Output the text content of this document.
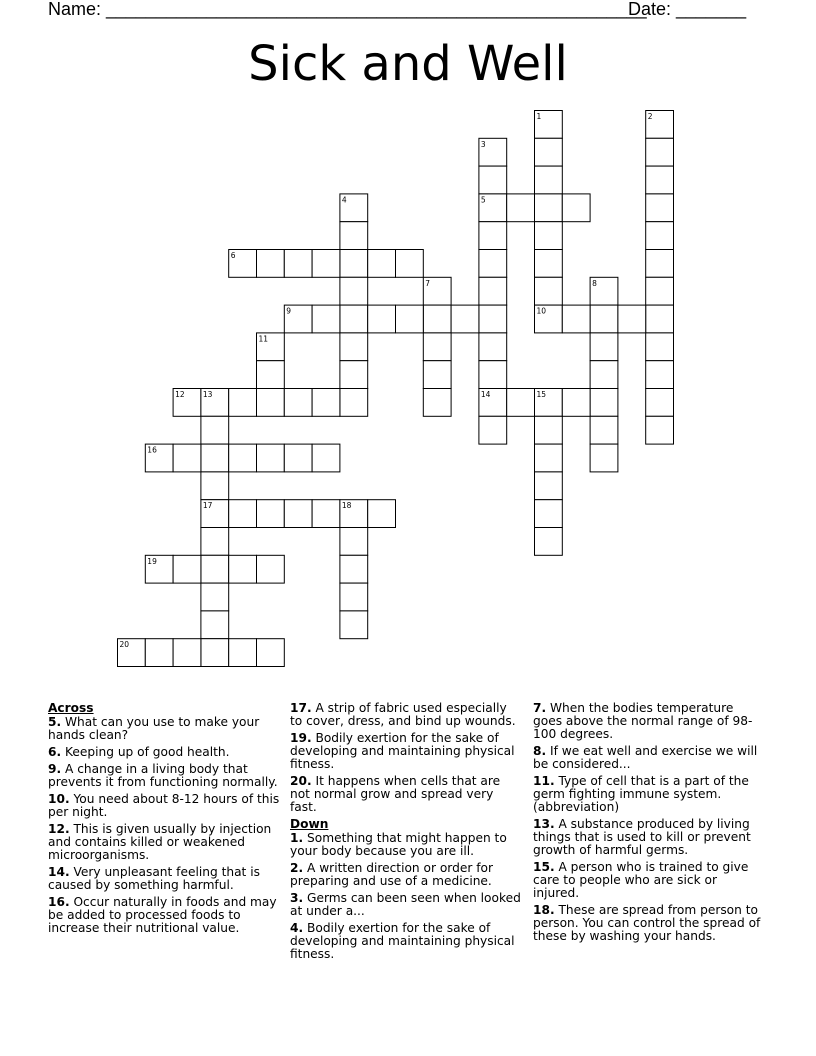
Name: ______________________________________________________
Date: _______
Sick and Well
1	2
3
4	5
6
7	8
9	10
11
12 13	14	15
16
17	18
19
20
Across
5. What can you use to make your hands clean?
6. Keeping up of good health.
9. A change in a living body that prevents it from functioning normally.
10. You need about 8-12 hours of this per night.
12. This is given usually by injection and contains killed or weakened microorganisms.
14. Very unpleasant feeling that is caused by something harmful.
16. Occur naturally in foods and may be added to processed foods to increase their nutritional value.
17. A strip of fabric used especially to cover, dress, and bind up wounds.
19. Bodily exertion for the sake of developing and maintaining physical fitness.
20. It happens when cells that are not normal grow and spread very fast.
Down
1. Something that might happen to your body because you are ill.
2. A written direction or order for preparing and use of a medicine.
3. Germs can been seen when looked at under a...
4. Bodily exertion for the sake of developing and maintaining physical fitness.
7. When the bodies temperature goes above the normal range of 98-100 degrees.
8. If we eat well and exercise we will be considered...
11. Type of cell that is a part of the germ fighting immune system. (abbreviation)
13. A substance produced by living things that is used to kill or prevent growth of harmful germs.
15. A person who is trained to give care to people who are sick or injured.
18. These are spread from person to person. You can control the spread of these by washing your hands.
